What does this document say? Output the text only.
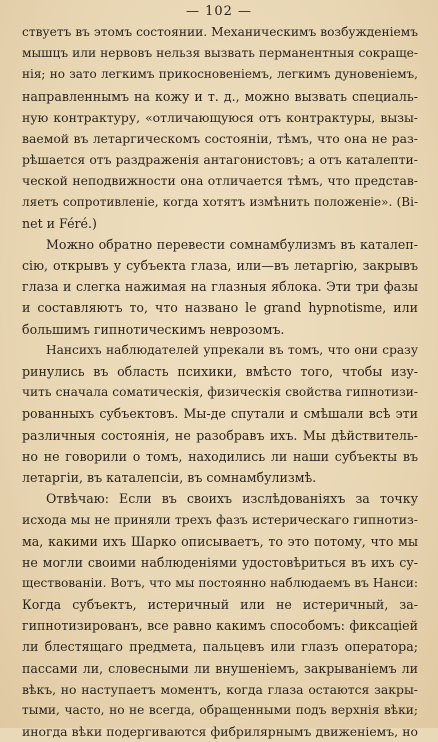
— 102 —
ствуетъ въ этомъ состоянии. Механическимъ возбужденіемъ
мышцъ или нервовъ нельзя вызвать перманентныя сокраще-
нія; но зато легкимъ прикосновеніемъ, легкимъ дуновеніемъ,
направленнымъ на кожу и т. д., можно вызвать специаль-
ную контрактуру, «отличающуюся отъ контрактуры, вызы-
ваемой въ летаргическомъ состояніи, тѣмъ, что она не раз-
рѣшается отъ раздраженія антагонистовъ; а отъ каталепти-
ческой неподвижности она отличается тѣмъ, что представ-
ляетъ сопротивленіе, когда хотятъ измѣнить положеніе». (Bi-
net и Féré.)
Можно обратно перевести сомнамбулизмъ въ каталеп-
сію, открывъ у субъекта глаза, или—въ летаргію, закрывъ
глаза и слегка нажимая на глазныя яблока. Эти три фазы
и составляютъ то, что названо le grand hypnotisme, или
большимъ гипнотическимъ неврозомъ.
Нансихъ наблюдателей упрекали въ томъ, что они сразу
ринулись въ область психики, вмѣсто того, чтобы изу-
чить сначала соматическія, физическія свойства гипнотизи-
рованныхъ субъектовъ. Мы-де спутали и смѣшали всѣ эти
различныя состоянія, не разобравъ ихъ. Мы дѣйствитель-
но не говорили о томъ, находились ли наши субъекты въ
летаргіи, въ каталепсіи, въ сомнамбулизмѣ.
Отвѣчаю: Если въ своихъ изслѣдованіяхъ за точку
исхода мы не приняли трехъ фазъ истерическаго гипнотиз-
ма, какими ихъ Шарко описываетъ, то это потому, что мы
не могли своими наблюденіями удостовѣриться въ ихъ су-
ществованіи. Вотъ, что мы постоянно наблюдаемъ въ Нанси:
Когда субъектъ, истеричный или не истеричный, за-
гипнотизированъ, все равно какимъ способомъ: фиксаціей
ли блестящаго предмета, пальцевъ или глазъ оператора;
пассами ли, словесными ли внушеніемъ, закрываніемъ ли
вѣкъ, но наступаетъ моментъ, когда глаза остаются закры-
тыми, часто, но не всегда, обращенными подъ верхнія вѣки;
иногда вѣки подергиваются фибрилярнымъ движеніемъ, но
